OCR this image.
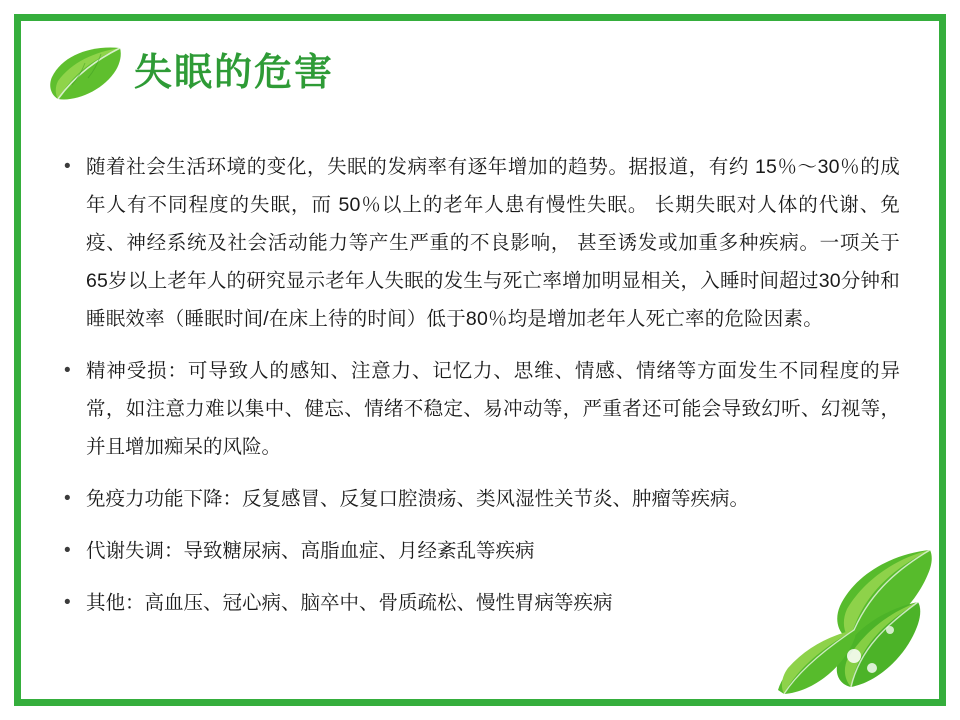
失眠的危害
• 随着社会生活环境的变化，失眠的发病率有逐年增加的趋势。据报道，有约 15％～30％的成年人有不同程度的失眠，而 50％以上的老年人患有慢性失眠。 长期失眠对人体的代谢、免疫、神经系统及社会活动能力等产生严重的不良影响， 甚至诱发或加重多种疾病。一项关于65岁以上老年人的研究显示老年人失眠的发生与死亡率增加明显相关，入睡时间超过30分钟和睡眠效率（睡眠时间/在床上待的时间）低于80％均是增加老年人死亡率的危险因素。
• 精神受损：可导致人的感知、注意力、记忆力、思维、情感、情绪等方面发生不同程度的异常，如注意力难以集中、健忘、情绪不稳定、易冲动等，严重者还可能会导致幻听、幻视等，并且增加痴呆的风险。
• 免疫力功能下降：反复感冒、反复口腔溃疡、类风湿性关节炎、肿瘤等疾病。
• 代谢失调：导致糖尿病、高脂血症、月经紊乱等疾病
• 其他：高血压、冠心病、脑卒中、骨质疏松、慢性胃病等疾病
